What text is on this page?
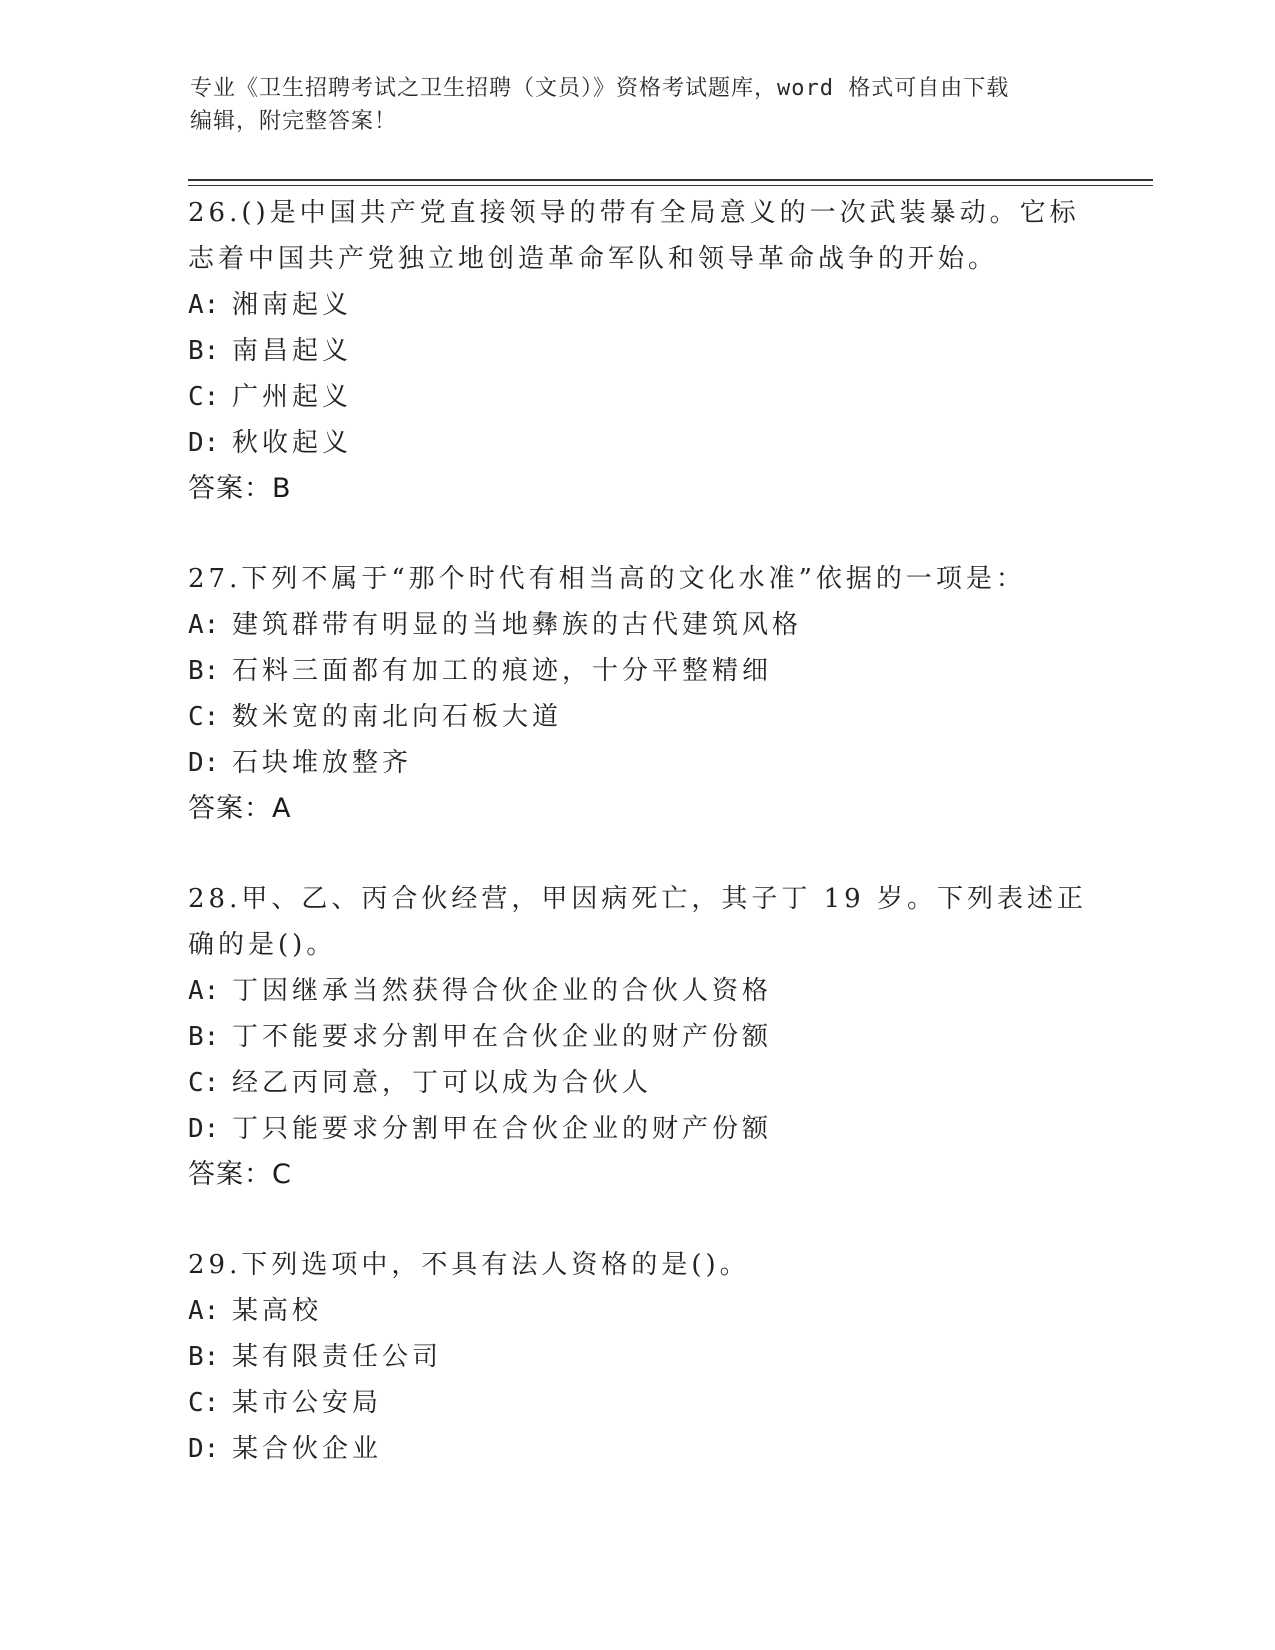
专业《卫生招聘考试之卫生招聘（文员）》资格考试题库，word 格式可自由下载
编辑，附完整答案！

26.()是中国共产党直接领导的带有全局意义的一次武装暴动。它标志着中国共产党独立地创造革命军队和领导革命战争的开始。

A: 湘南起义
B: 南昌起义
C: 广州起义
D: 秋收起义
答案：B

27.下列不属于“那个时代有相当高的文化水准”依据的一项是：

A: 建筑群带有明显的当地彝族的古代建筑风格
B: 石料三面都有加工的痕迹，十分平整精细
C: 数米宽的南北向石板大道
D: 石块堆放整齐
答案：A

28.甲、乙、丙合伙经营，甲因病死亡，其子丁 19 岁。下列表述正确的是()。

A: 丁因继承当然获得合伙企业的合伙人资格
B: 丁不能要求分割甲在合伙企业的财产份额
C: 经乙丙同意，丁可以成为合伙人
D: 丁只能要求分割甲在合伙企业的财产份额
答案：C

29.下列选项中，不具有法人资格的是()。

A: 某高校
B: 某有限责任公司
C: 某市公安局
D: 某合伙企业
